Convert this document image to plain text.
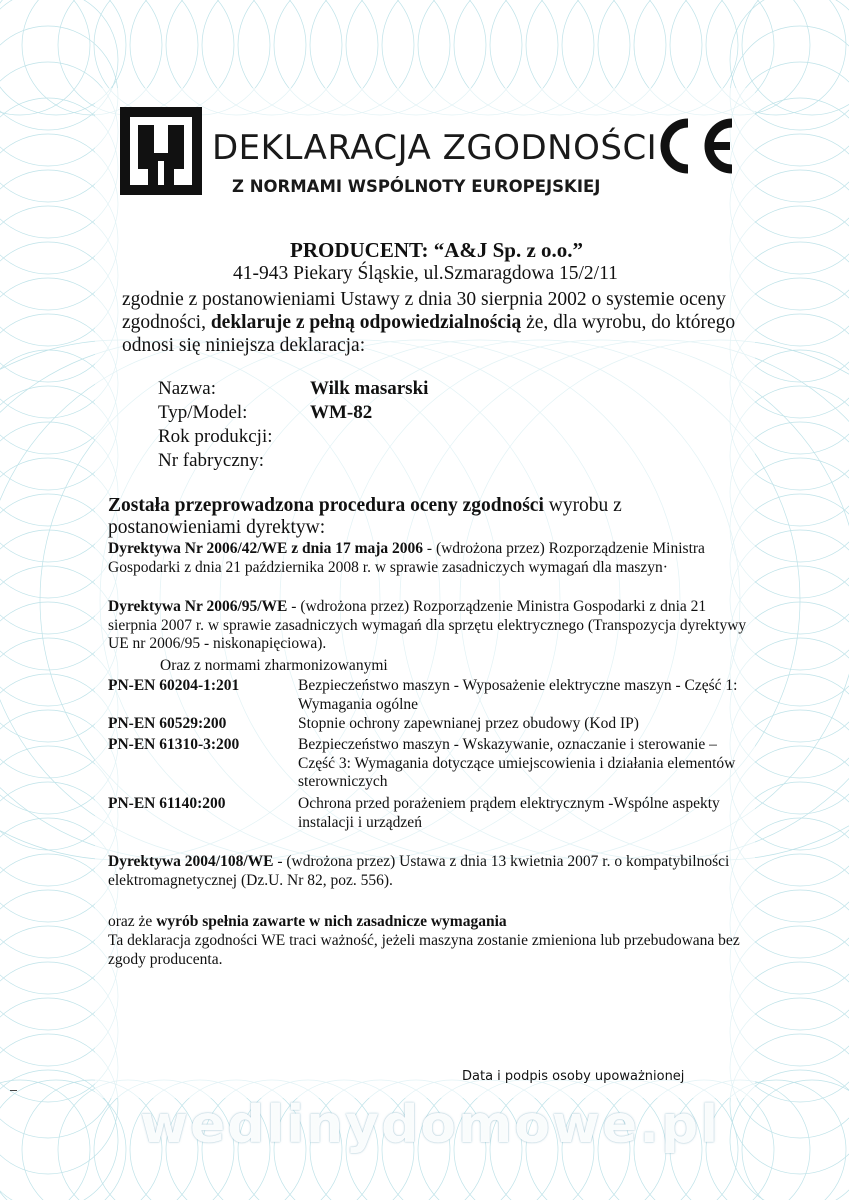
DEKLARACJA ZGODNOŚCI
Z NORMAMI WSPÓLNOTY EUROPEJSKIEJ
PRODUCENT: “A&J Sp. z o.o.”
41-943 Piekary Śląskie, ul.Szmaragdowa 15/2/11
zgodnie z postanowieniami Ustawy z dnia 30 sierpnia 2002 o systemie oceny zgodności, deklaruje z pełną odpowiedzialnością że, dla wyrobu, do którego odnosi się niniejsza deklaracja:
Nazwa:	Wilk masarski
Typ/Model:	WM-82
Rok produkcji:
Nr fabryczny:
Została przeprowadzona procedura oceny zgodności wyrobu z postanowieniami dyrektyw:
Dyrektywa Nr 2006/42/WE z dnia 17 maja 2006 - (wdrożona przez) Rozporządzenie Ministra Gospodarki z dnia 21 października 2008 r. w sprawie zasadniczych wymagań dla maszyn·
Dyrektywa Nr 2006/95/WE - (wdrożona przez) Rozporządzenie Ministra Gospodarki z dnia 21 sierpnia 2007 r. w sprawie zasadniczych wymagań dla sprzętu elektrycznego (Transpozycja dyrektywy UE nr 2006/95 - niskonapięciowa).
Oraz z normami zharmonizowanymi
PN-EN 60204-1:201	Bezpieczeństwo maszyn - Wyposażenie elektryczne maszyn - Część 1: Wymagania ogólne
PN-EN 60529:200	Stopnie ochrony zapewnianej przez obudowy (Kod IP)
PN-EN 61310-3:200	Bezpieczeństwo maszyn - Wskazywanie, oznaczanie i sterowanie – Część 3: Wymagania dotyczące umiejscowienia i działania elementów sterowniczych
PN-EN 61140:200	Ochrona przed porażeniem prądem elektrycznym -Wspólne aspekty instalacji i urządzeń
Dyrektywa 2004/108/WE - (wdrożona przez) Ustawa z dnia 13 kwietnia 2007 r. o kompatybilności elektromagnetycznej (Dz.U. Nr 82, poz. 556).
oraz że wyrób spełnia zawarte w nich zasadnicze wymagania
Ta deklaracja zgodności WE traci ważność, jeżeli maszyna zostanie zmieniona lub przebudowana bez zgody producenta.
Data i podpis osoby upoważnionej
wedlinydomowe.pl
